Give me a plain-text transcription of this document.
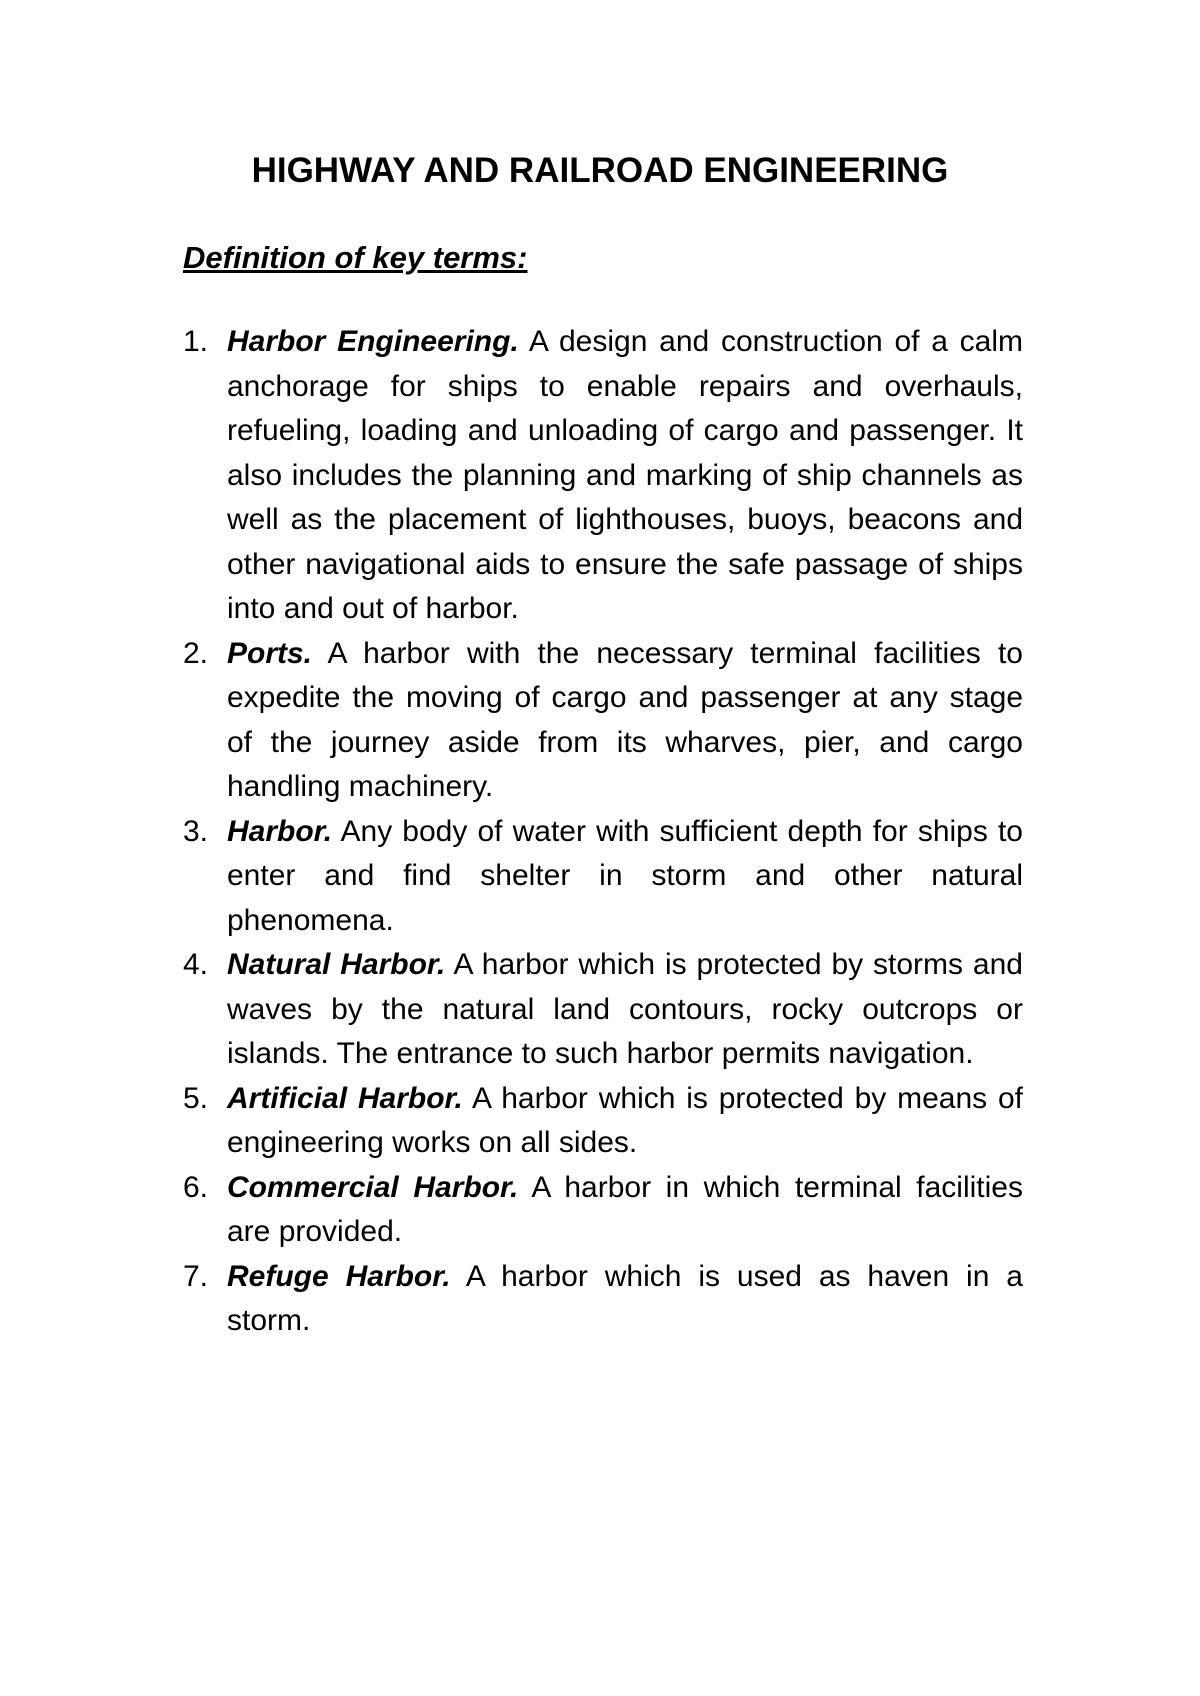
HIGHWAY AND RAILROAD ENGINEERING
Definition of key terms:
1. Harbor Engineering. A design and construction of a calm anchorage for ships to enable repairs and overhauls, refueling, loading and unloading of cargo and passenger. It also includes the planning and marking of ship channels as well as the placement of lighthouses, buoys, beacons and other navigational aids to ensure the safe passage of ships into and out of harbor.
2. Ports. A harbor with the necessary terminal facilities to expedite the moving of cargo and passenger at any stage of the journey aside from its wharves, pier, and cargo handling machinery.
3. Harbor. Any body of water with sufficient depth for ships to enter and find shelter in storm and other natural phenomena.
4. Natural Harbor. A harbor which is protected by storms and waves by the natural land contours, rocky outcrops or islands. The entrance to such harbor permits navigation.
5. Artificial Harbor. A harbor which is protected by means of engineering works on all sides.
6. Commercial Harbor. A harbor in which terminal facilities are provided.
7. Refuge Harbor. A harbor which is used as haven in a storm.
